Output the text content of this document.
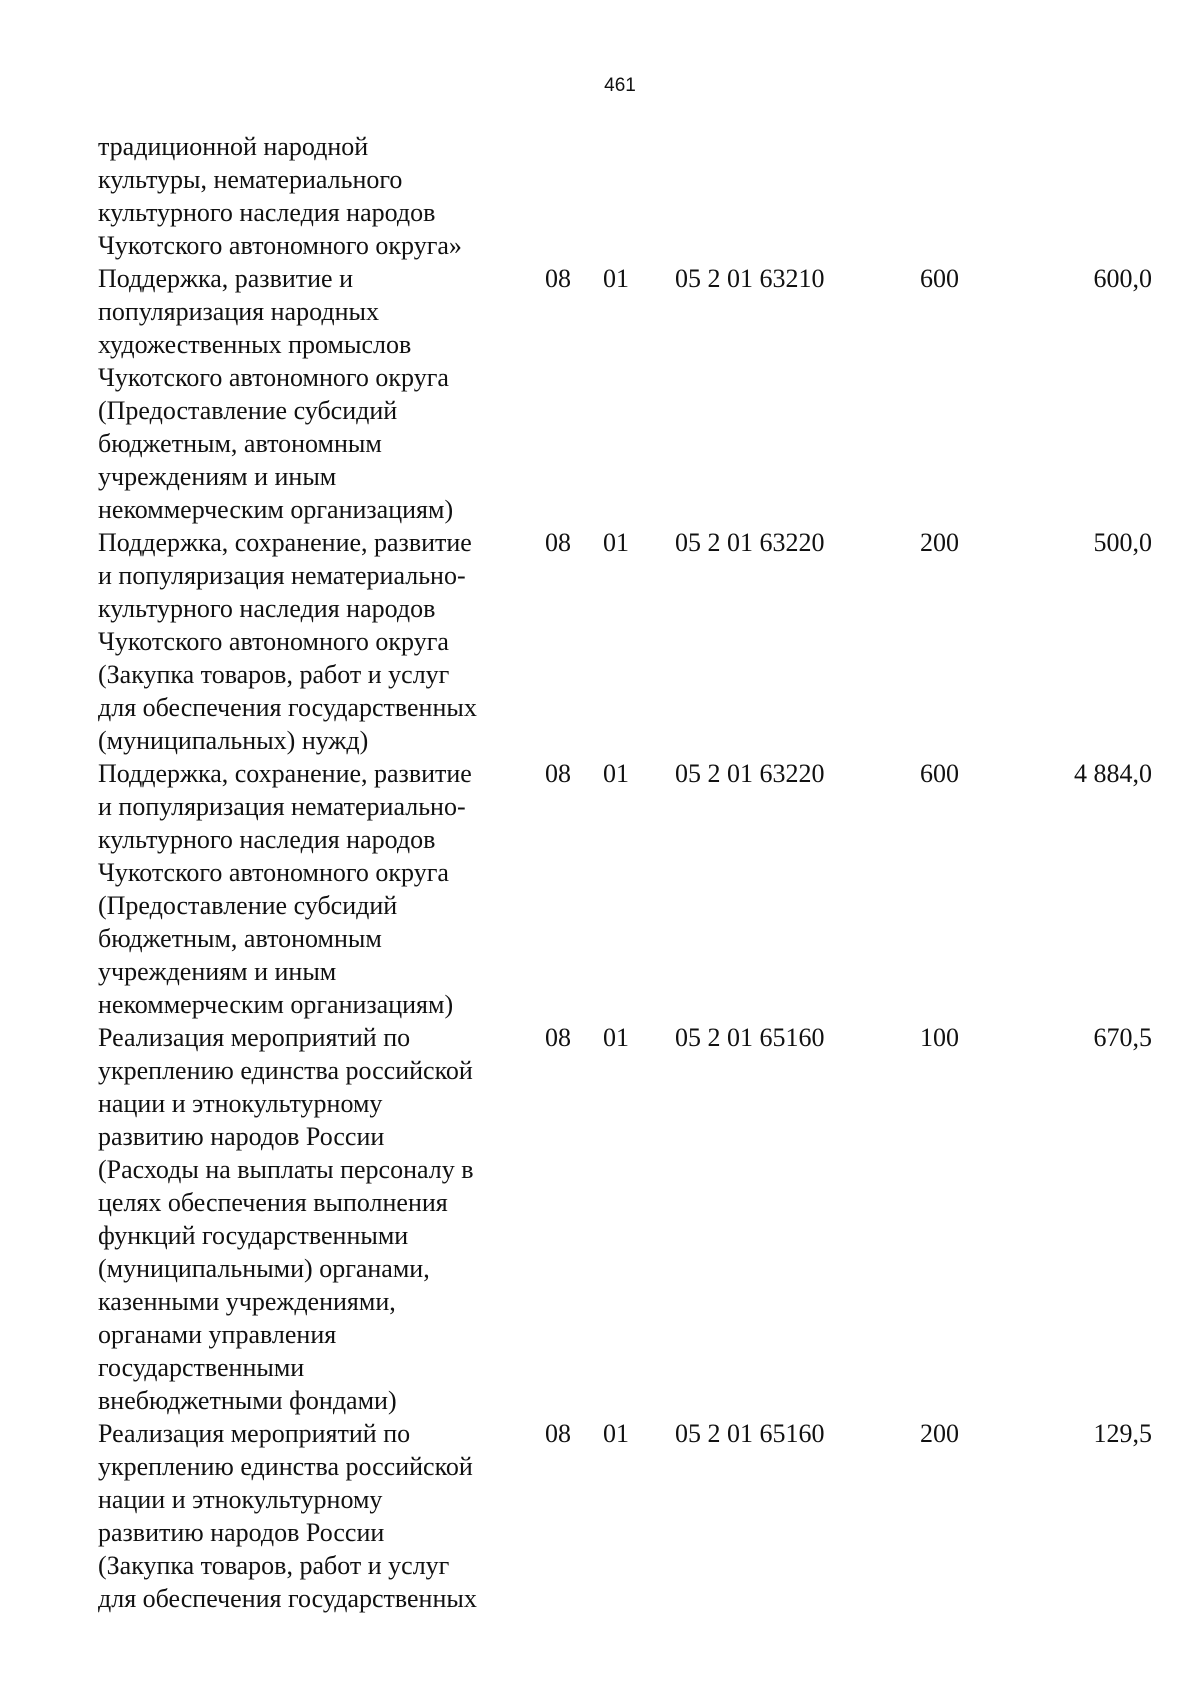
461
традиционной народной
культуры, нематериального
культурного наследия народов
Чукотского автономного округа»
Поддержка, развитие и
популяризация народных
художественных промыслов
Чукотского автономного округа
(Предоставление субсидий
бюджетным, автономным
учреждениям и иным
некоммерческим организациям)
08 01 05 2 01 63210	600	600,0
Поддержка, сохранение, развитие
и популяризация нематериально-
культурного наследия народов
Чукотского автономного округа
(Закупка товаров, работ и услуг
для обеспечения государственных
(муниципальных) нужд)
08 01 05 2 01 63220	200	500,0
Поддержка, сохранение, развитие
и популяризация нематериально-
культурного наследия народов
Чукотского автономного округа
(Предоставление субсидий
бюджетным, автономным
учреждениям и иным
некоммерческим организациям)
08 01 05 2 01 63220	600	4 884,0
Реализация мероприятий по
укреплению единства российской
нации и этнокультурному
развитию народов России
(Расходы на выплаты персоналу в
целях обеспечения выполнения
функций государственными
(муниципальными) органами,
казенными учреждениями,
органами управления
государственными
внебюджетными фондами)
08 01 05 2 01 65160	100	670,5
Реализация мероприятий по
укреплению единства российской
нации и этнокультурному
развитию народов России
(Закупка товаров, работ и услуг
для обеспечения государственных
08 01 05 2 01 65160	200	129,5
